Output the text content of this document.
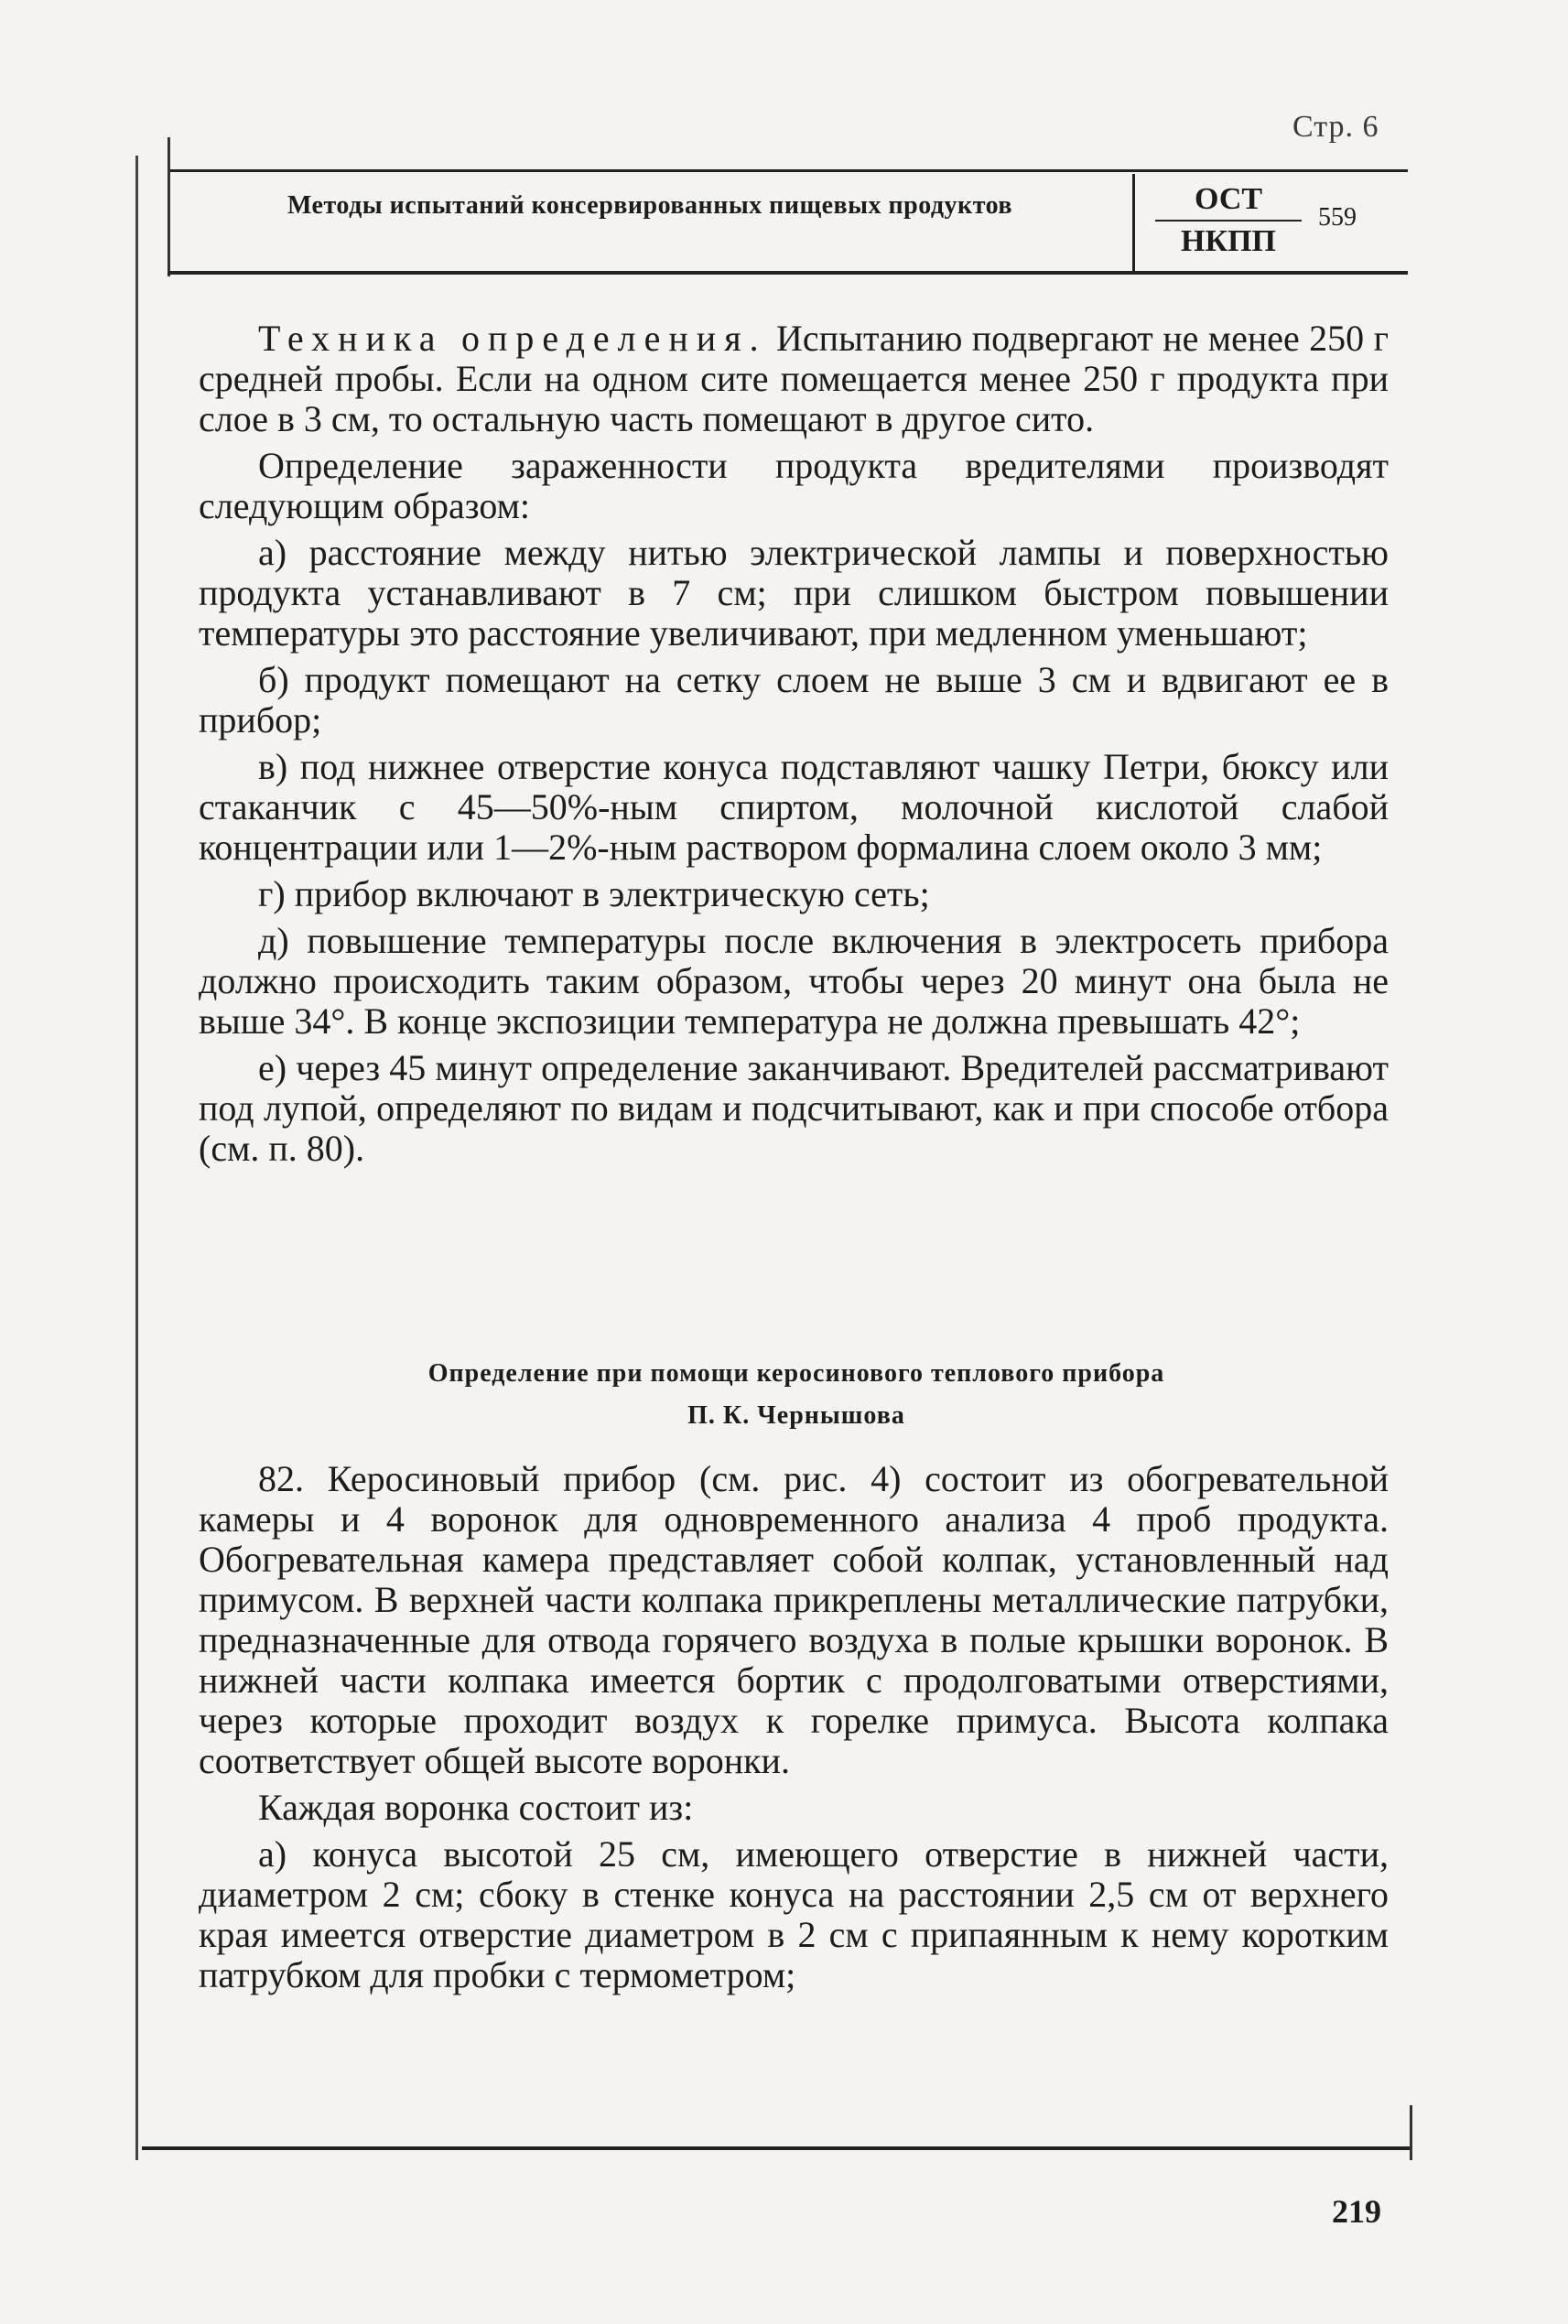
Стр. 6
Методы испытаний консервированных пищевых продуктов	ОСТ
НКПП
559

Техника определения. Испытанию подвергают не менее 250 г средней пробы. Если на одном сите помещается менее 250 г продукта при слое в 3 см, то остальную часть помещают в другое сито.

Определение зараженности продукта вредителями производят следующим образом:

а) расстояние между нитью электрической лампы и поверхностью продукта устанавливают в 7 см; при слишком быстром повышении температуры это расстояние увеличивают, при медленном уменьшают;

б) продукт помещают на сетку слоем не выше 3 см и вдвигают ее в прибор;

в) под нижнее отверстие конуса подставляют чашку Петри, бюксу или стаканчик с 45—50%-ным спиртом, молочной кислотой слабой концентрации или 1—2%-ным раствором формалина слоем около 3 мм;

г) прибор включают в электрическую сеть;

д) повышение температуры после включения в электросеть прибора должно происходить таким образом, чтобы через 20 минут она была не выше 34°. В конце экспозиции температура не должна превышать 42°;

е) через 45 минут определение заканчивают. Вредителей рассматривают под лупой, определяют по видам и подсчитывают, как и при способе отбора (см. п. 80).

Определение при помощи керосинового теплового прибора
П. К. Чернышова

82. Керосиновый прибор (см. рис. 4) состоит из обогревательной камеры и 4 воронок для одновременного анализа 4 проб продукта. Обогревательная камера представляет собой колпак, установленный над примусом. В верхней части колпака прикреплены металлические патрубки, предназначенные для отвода горячего воздуха в полые крышки воронок. В нижней части колпака имеется бортик с продолговатыми отверстиями, через которые проходит воздух к горелке примуса. Высота колпака соответствует общей высоте воронки.

Каждая воронка состоит из:

а) конуса высотой 25 см, имеющего отверстие в нижней части, диаметром 2 см; сбоку в стенке конуса на расстоянии 2,5 см от верхнего края имеется отверстие диаметром в 2 см с припаянным к нему коротким патрубком для пробки с термометром;

219
